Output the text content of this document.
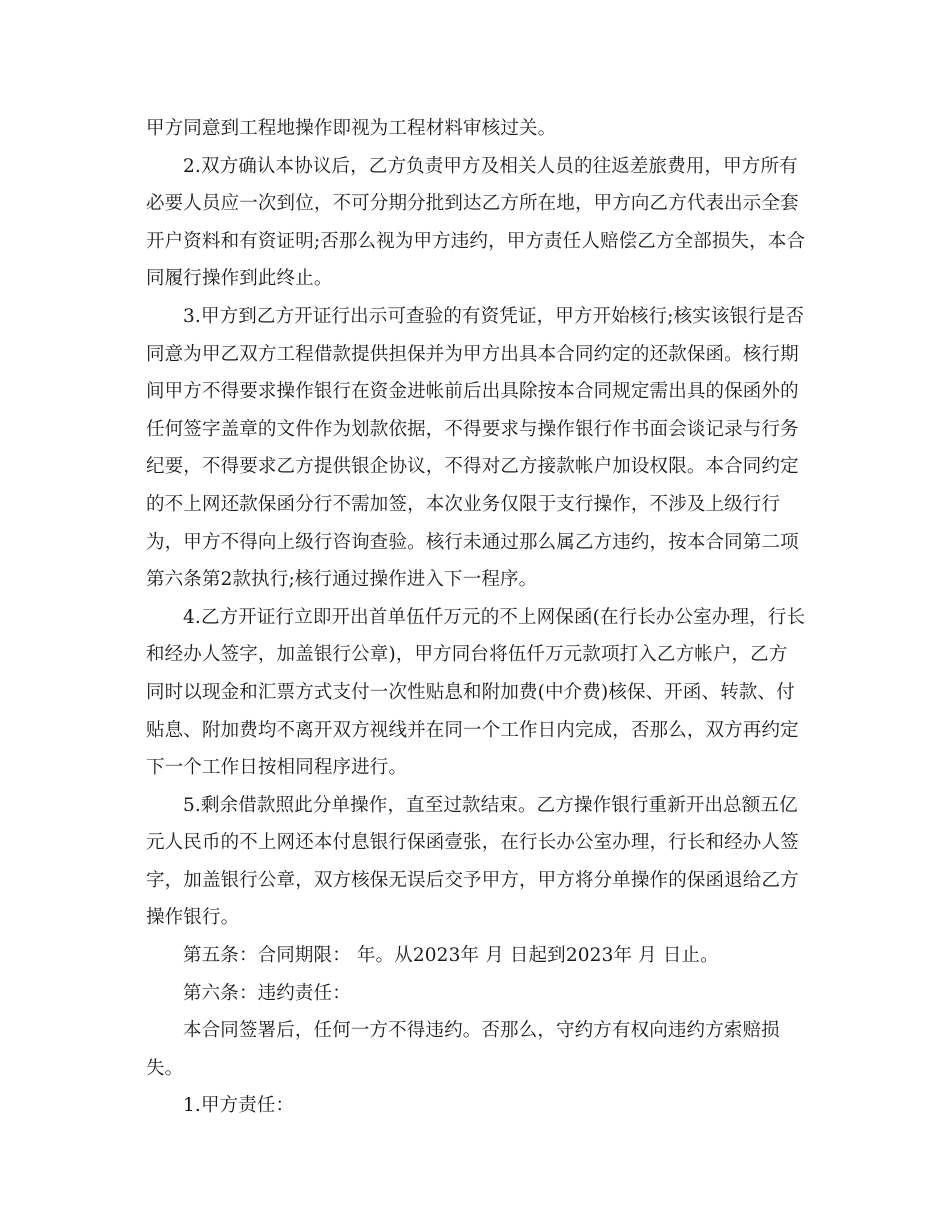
甲方同意到工程地操作即视为工程材料审核过关。

2.双方确认本协议后，乙方负责甲方及相关人员的往返差旅费用，甲方所有必要人员应一次到位，不可分期分批到达乙方所在地，甲方向乙方代表出示全套开户资料和有资证明;否那么视为甲方违约，甲方责任人赔偿乙方全部损失，本合同履行操作到此终止。

3.甲方到乙方开证行出示可查验的有资凭证，甲方开始核行;核实该银行是否同意为甲乙双方工程借款提供担保并为甲方出具本合同约定的还款保函。核行期间甲方不得要求操作银行在资金进帐前后出具除按本合同规定需出具的保函外的任何签字盖章的文件作为划款依据，不得要求与操作银行作书面会谈记录与行务纪要，不得要求乙方提供银企协议，不得对乙方接款帐户加设权限。本合同约定的不上网还款保函分行不需加签，本次业务仅限于支行操作，不涉及上级行行为，甲方不得向上级行咨询查验。核行未通过那么属乙方违约，按本合同第二项第六条第2款执行;核行通过操作进入下一程序。

4.乙方开证行立即开出首单伍仟万元的不上网保函(在行长办公室办理，行长和经办人签字，加盖银行公章)，甲方同台将伍仟万元款项打入乙方帐户，乙方同时以现金和汇票方式支付一次性贴息和附加费(中介费)核保、开函、转款、付贴息、附加费均不离开双方视线并在同一个工作日内完成，否那么，双方再约定下一个工作日按相同程序进行。

5.剩余借款照此分单操作，直至过款结束。乙方操作银行重新开出总额五亿元人民币的不上网还本付息银行保函壹张，在行长办公室办理，行长和经办人签字，加盖银行公章，双方核保无误后交予甲方，甲方将分单操作的保函退给乙方操作银行。

第五条：合同期限： 年。从2023年 月 日起到2023年 月 日止。

第六条：违约责任：

本合同签署后，任何一方不得违约。否那么，守约方有权向违约方索赔损失。

1.甲方责任：
